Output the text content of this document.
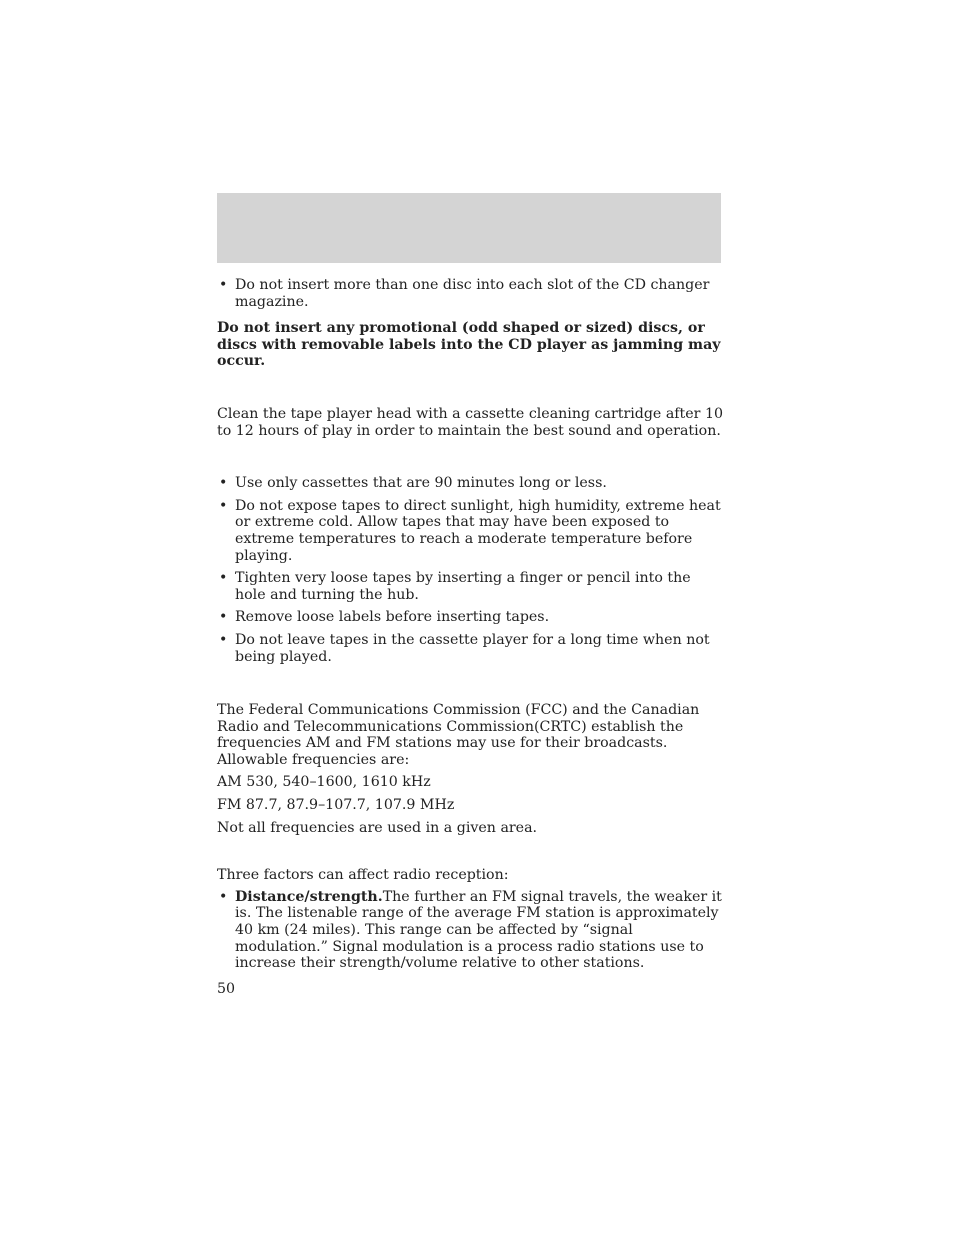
• Do not insert more than one disc into each slot of the CD changer magazine.

Do not insert any promotional (odd shaped or sized) discs, or discs with removable labels into the CD player as jamming may occur.

Clean the tape player head with a cassette cleaning cartridge after 10 to 12 hours of play in order to maintain the best sound and operation.

• Use only cassettes that are 90 minutes long or less.
• Do not expose tapes to direct sunlight, high humidity, extreme heat or extreme cold. Allow tapes that may have been exposed to extreme temperatures to reach a moderate temperature before playing.
• Tighten very loose tapes by inserting a finger or pencil into the hole and turning the hub.
• Remove loose labels before inserting tapes.
• Do not leave tapes in the cassette player for a long time when not being played.

The Federal Communications Commission (FCC) and the Canadian Radio and Telecommunications Commission(CRTC) establish the frequencies AM and FM stations may use for their broadcasts. Allowable frequencies are:

AM 530, 540–1600, 1610 kHz

FM 87.7, 87.9–107.7, 107.9 MHz

Not all frequencies are used in a given area.

Three factors can affect radio reception:

• Distance/strength.The further an FM signal travels, the weaker it is. The listenable range of the average FM station is approximately 40 km (24 miles). This range can be affected by “signal modulation.” Signal modulation is a process radio stations use to increase their strength/volume relative to other stations.
50
